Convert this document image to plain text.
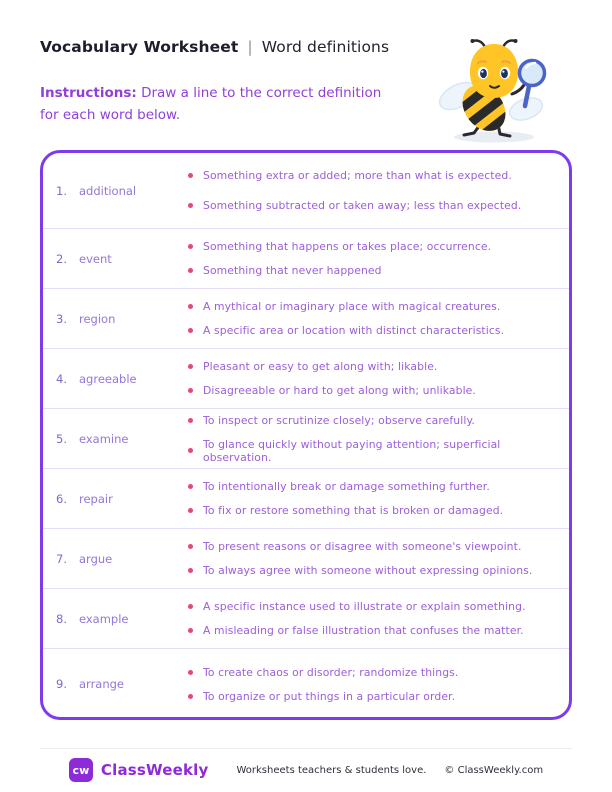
Vocabulary Worksheet | Word definitions
Instructions: Draw a line to the correct definition for each word below.
1.	additional
Something extra or added; more than what is expected.
Something subtracted or taken away; less than expected.
2.	event
Something that happens or takes place; occurrence.
Something that never happened
3.	region
A mythical or imaginary place with magical creatures.
A specific area or location with distinct characteristics.
4.	agreeable
Pleasant or easy to get along with; likable.
Disagreeable or hard to get along with; unlikable.
5.	examine
To inspect or scrutinize closely; observe carefully.
To glance quickly without paying attention; superficial observation.
6.	repair
To intentionally break or damage something further.
To fix or restore something that is broken or damaged.
7.	argue
To present reasons or disagree with someone's viewpoint.
To always agree with someone without expressing opinions.
8.	example
A specific instance used to illustrate or explain something.
A misleading or false illustration that confuses the matter.
9.	arrange
To create chaos or disorder; randomize things.
To organize or put things in a particular order.
cw ClassWeekly	Worksheets teachers & students love. © ClassWeekly.com
